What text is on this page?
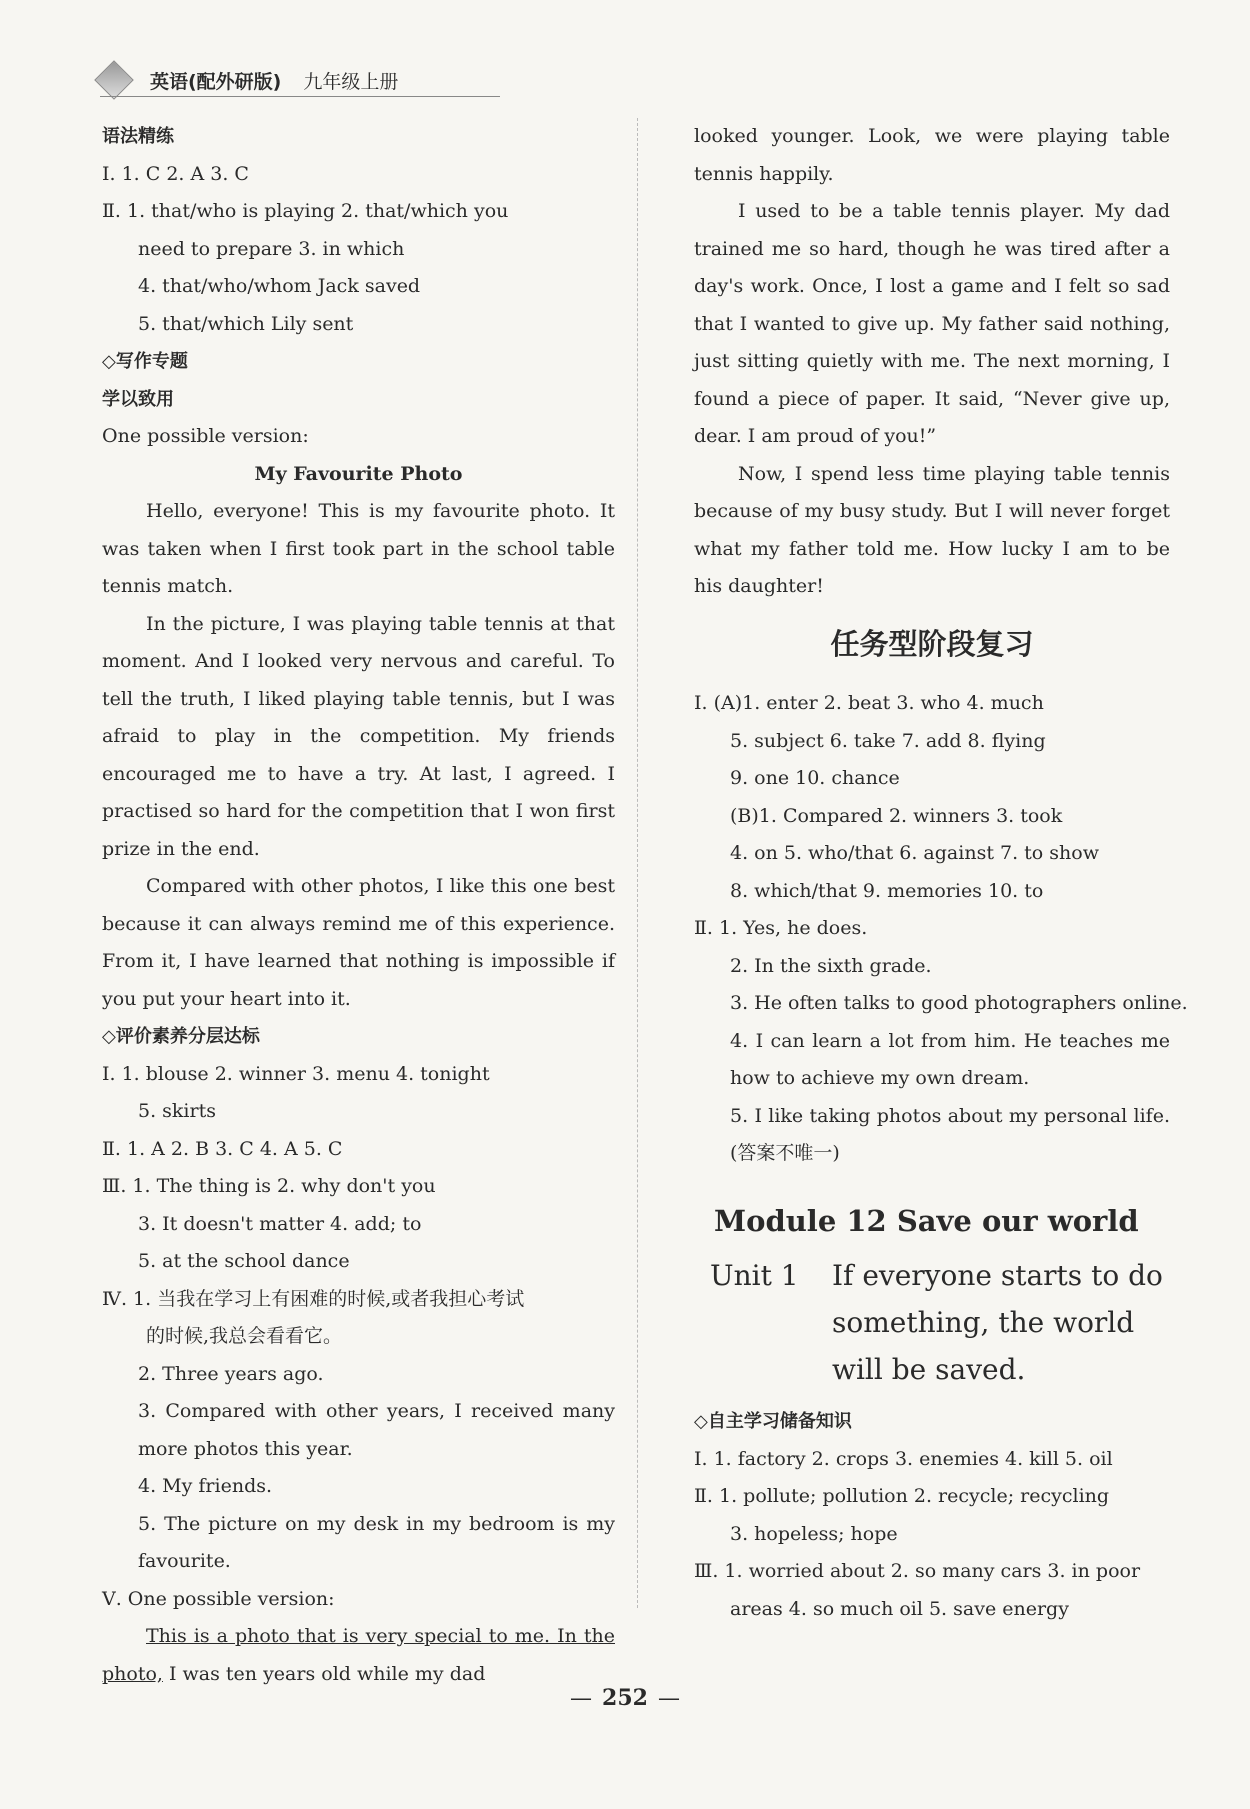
英语(配外研版) 九年级上册
语法精练
Ⅰ. 1. C 2. A 3. C
Ⅱ. 1. that/who is playing 2. that/which you
need to prepare 3. in which
4. that/who/whom Jack saved
5. that/which Lily sent
◇写作专题
学以致用
One possible version:
My Favourite Photo
Hello, everyone! This is my favourite photo. It was taken when I first took part in the school table tennis match.
In the picture, I was playing table tennis at that moment. And I looked very nervous and careful. To tell the truth, I liked playing table tennis, but I was afraid to play in the competition. My friends encouraged me to have a try. At last, I agreed. I practised so hard for the competition that I won first prize in the end.
Compared with other photos, I like this one best because it can always remind me of this experience. From it, I have learned that nothing is impossible if you put your heart into it.
◇评价素养分层达标
Ⅰ. 1. blouse 2. winner 3. menu 4. tonight
5. skirts
Ⅱ. 1. A 2. B 3. C 4. A 5. C
Ⅲ. 1. The thing is 2. why don't you
3. It doesn't matter 4. add; to
5. at the school dance
Ⅳ. 1. 当我在学习上有困难的时候,或者我担心考试
的时候,我总会看看它。
2. Three years ago.
3. Compared with other years, I received many more photos this year.
4. My friends.
5. The picture on my desk in my bedroom is my favourite.
Ⅴ. One possible version:
This is a photo that is very special to me. In the photo, I was ten years old while my dad
looked younger. Look, we were playing table tennis happily.
I used to be a table tennis player. My dad trained me so hard, though he was tired after a day's work. Once, I lost a game and I felt so sad that I wanted to give up. My father said nothing, just sitting quietly with me. The next morning, I found a piece of paper. It said, “Never give up, dear. I am proud of you!”
Now, I spend less time playing table tennis because of my busy study. But I will never forget what my father told me. How lucky I am to be his daughter!
任务型阶段复习
Ⅰ. (A)1. enter 2. beat 3. who 4. much
5. subject 6. take 7. add 8. flying
9. one 10. chance
(B)1. Compared 2. winners 3. took
4. on 5. who/that 6. against 7. to show
8. which/that 9. memories 10. to
Ⅱ. 1. Yes, he does.
2. In the sixth grade.
3. He often talks to good photographers online.
4. I can learn a lot from him. He teaches me how to achieve my own dream.
5. I like taking photos about my personal life.(答案不唯一)
Module 12 Save our world
Unit 1	If everyone starts to do something, the world will be saved.
◇自主学习储备知识
Ⅰ. 1. factory 2. crops 3. enemies 4. kill 5. oil
Ⅱ. 1. pollute; pollution 2. recycle; recycling
3. hopeless; hope
Ⅲ. 1. worried about 2. so many cars 3. in poor
areas 4. so much oil 5. save energy
— 252 —
